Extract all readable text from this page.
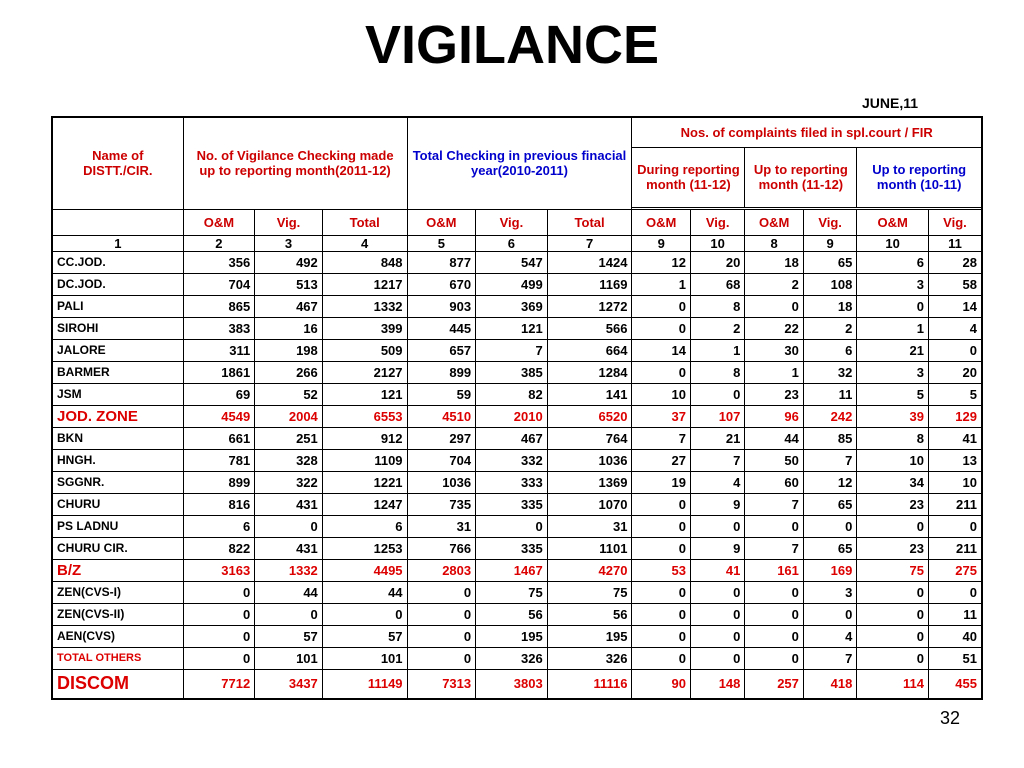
VIGILANCE
JUNE,11
Name of DISTT./CIR.	No. of Vigilance Checking made up to reporting month(2011-12)			Total Checking in previous finacial year(2010-2011)			Nos. of complaints filed in spl.court / FIR					
							During reporting month (11-12)		Up to reporting month (11-12)		Up to reporting month (10-11)	

	O&M	Vig.	Total	O&M	Vig.	Total	O&M	Vig.	O&M	Vig.	O&M	Vig.
1	2	3	4	5	6	7	9	10	8	9	10	11
CC.JOD.	356	492	848	877	547	1424	12	20	18	65	6	28
DC.JOD.	704	513	1217	670	499	1169	1	68	2	108	3	58
PALI	865	467	1332	903	369	1272	0	8	0	18	0	14
SIROHI	383	16	399	445	121	566	0	2	22	2	1	4
JALORE	311	198	509	657	7	664	14	1	30	6	21	0
BARMER	1861	266	2127	899	385	1284	0	8	1	32	3	20
JSM	69	52	121	59	82	141	10	0	23	11	5	5
JOD. ZONE	4549	2004	6553	4510	2010	6520	37	107	96	242	39	129
BKN	661	251	912	297	467	764	7	21	44	85	8	41
HNGH.	781	328	1109	704	332	1036	27	7	50	7	10	13
SGGNR.	899	322	1221	1036	333	1369	19	4	60	12	34	10
CHURU	816	431	1247	735	335	1070	0	9	7	65	23	211
PS LADNU	6	0	6	31	0	31	0	0	0	0	0	0
CHURU CIR.	822	431	1253	766	335	1101	0	9	7	65	23	211
B/Z	3163	1332	4495	2803	1467	4270	53	41	161	169	75	275
ZEN(CVS-I)	0	44	44	0	75	75	0	0	0	3	0	0
ZEN(CVS-II)	0	0	0	0	56	56	0	0	0	0	0	11
AEN(CVS)	0	57	57	0	195	195	0	0	0	4	0	40
TOTAL OTHERS	0	101	101	0	326	326	0	0	0	7	0	51
DISCOM	7712	3437	11149	7313	3803	11116	90	148	257	418	114	455
32
